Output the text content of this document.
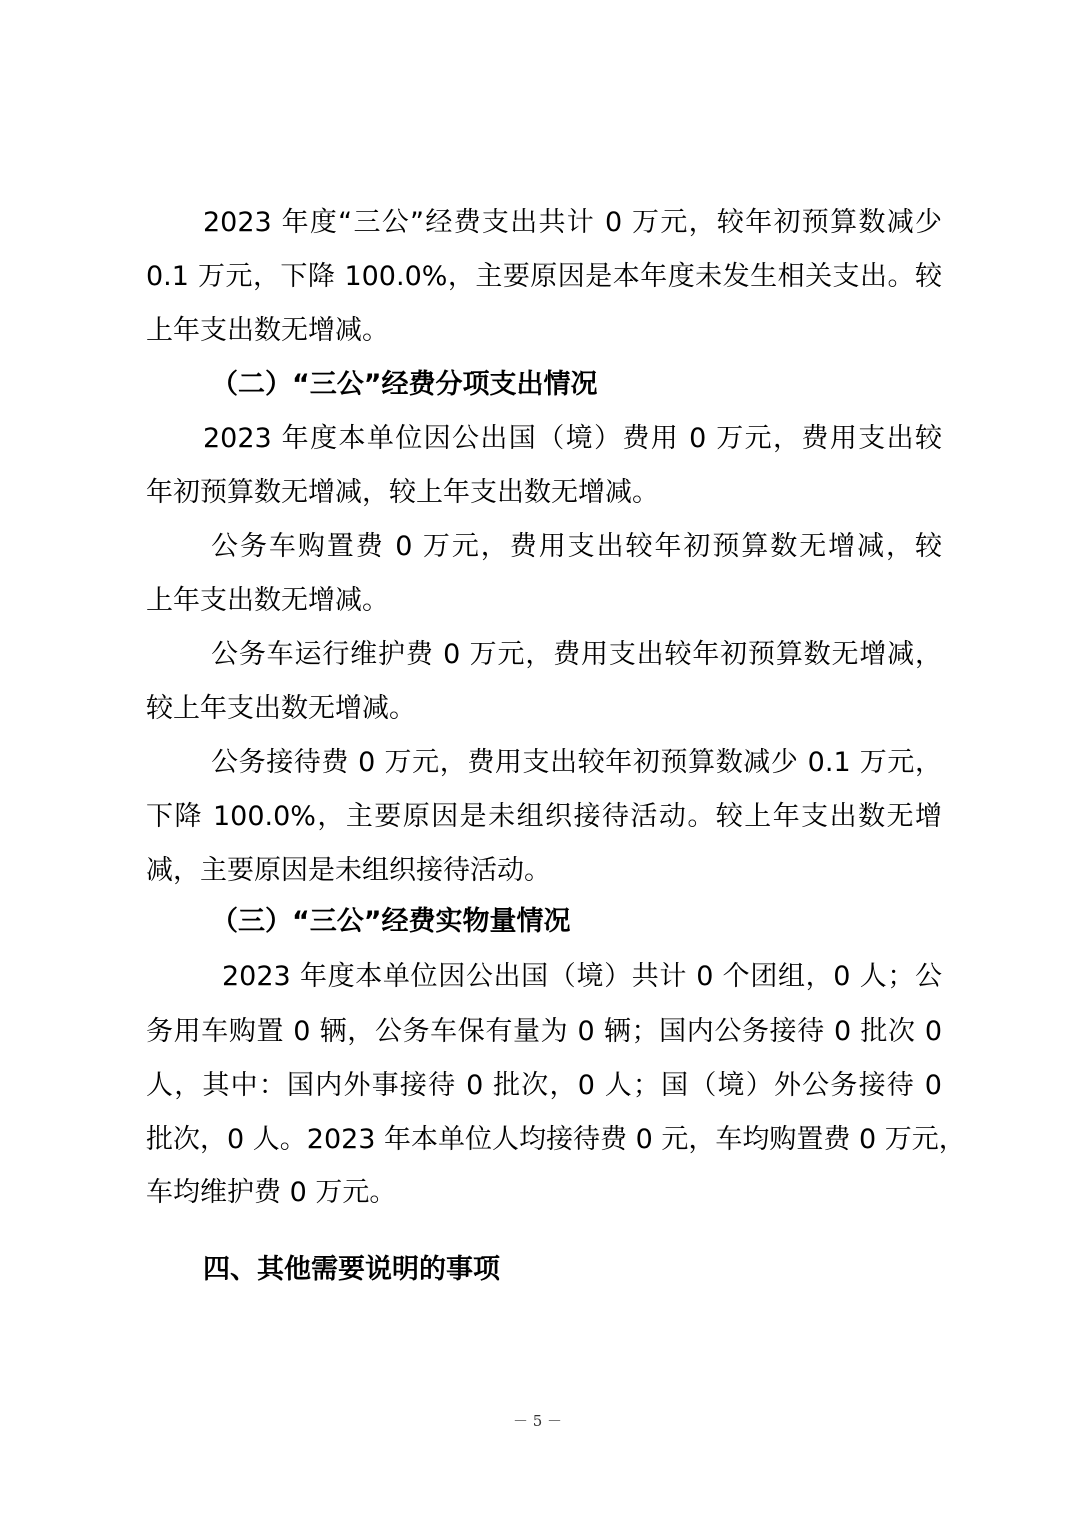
2023 年度“三公”经费支出共计 0 万元，较年初预算数减少

0.1 万元，下降 100.0%，主要原因是本年度未发生相关支出。较

上年支出数无增减。

（二）“三公”经费分项支出情况

2023 年度本单位因公出国（境）费用 0 万元，费用支出较

年初预算数无增减，较上年支出数无增减。

公务车购置费 0 万元，费用支出较年初预算数无增减，较

上年支出数无增减。

公务车运行维护费 0 万元，费用支出较年初预算数无增减，

较上年支出数无增减。

公务接待费 0 万元，费用支出较年初预算数减少 0.1 万元，

下降 100.0%，主要原因是未组织接待活动。较上年支出数无增

减，主要原因是未组织接待活动。

（三）“三公”经费实物量情况

2023 年度本单位因公出国（境）共计 0 个团组，0 人；公

务用车购置 0 辆，公务车保有量为 0 辆；国内公务接待 0 批次 0

人，其中：国内外事接待 0 批次，0 人；国（境）外公务接待 0

批次，0 人。2023 年本单位人均接待费 0 元，车均购置费 0 万元，

车均维护费 0 万元。

四、其他需要说明的事项
－ 5 －
